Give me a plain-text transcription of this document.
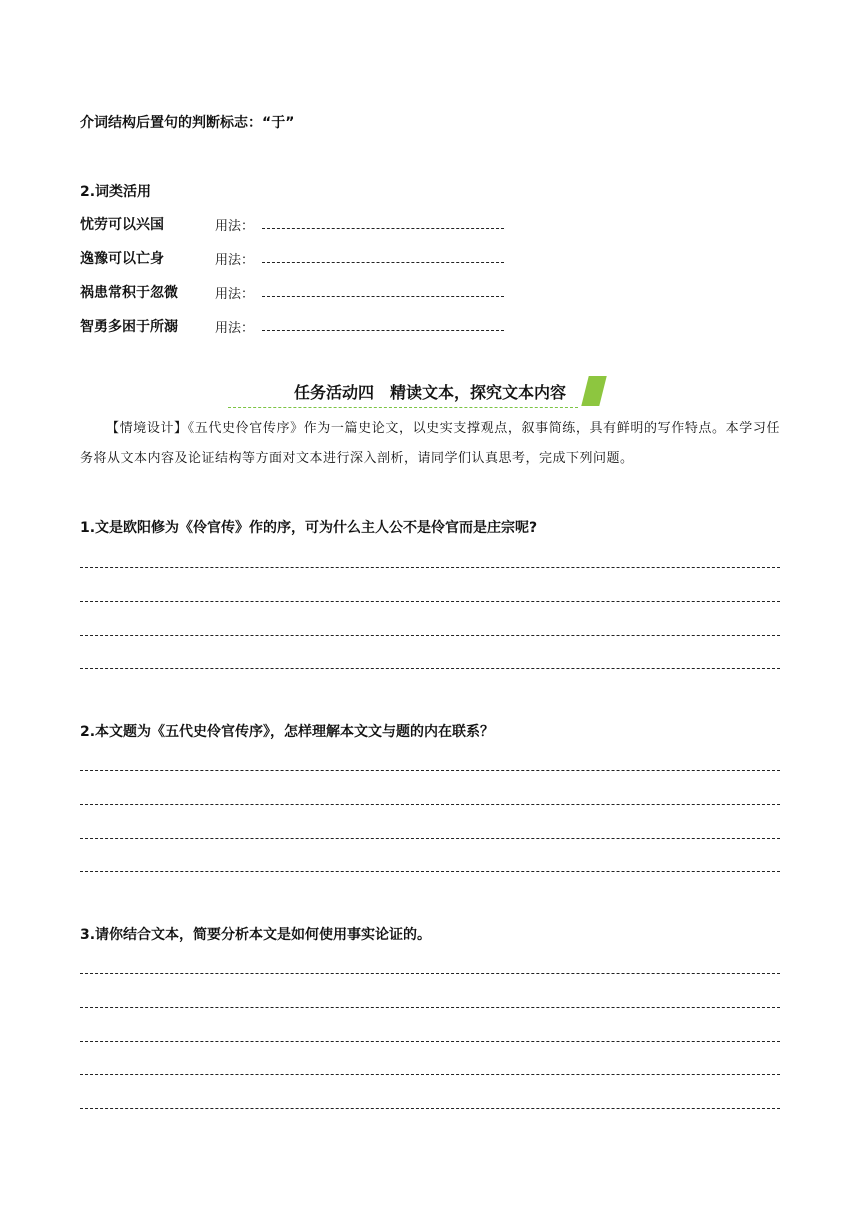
介词结构后置句的判断标志：“于”
2.词类活用
忧劳可以兴国	用法：
逸豫可以亡身	用法：
祸患常积于忽微	用法：
智勇多困于所溺	用法：
任务活动四　精读文本，探究文本内容
【情境设计】《五代史伶官传序》作为一篇史论文，以史实支撑观点，叙事简练，具有鲜明的写作特点。本学习任务将从文本内容及论证结构等方面对文本进行深入剖析，请同学们认真思考，完成下列问题。
1.文是欧阳修为《伶官传》作的序，可为什么主人公不是伶官而是庄宗呢?
2.本文题为《五代史伶官传序》，怎样理解本文文与题的内在联系？
3.请你结合文本，简要分析本文是如何使用事实论证的。
